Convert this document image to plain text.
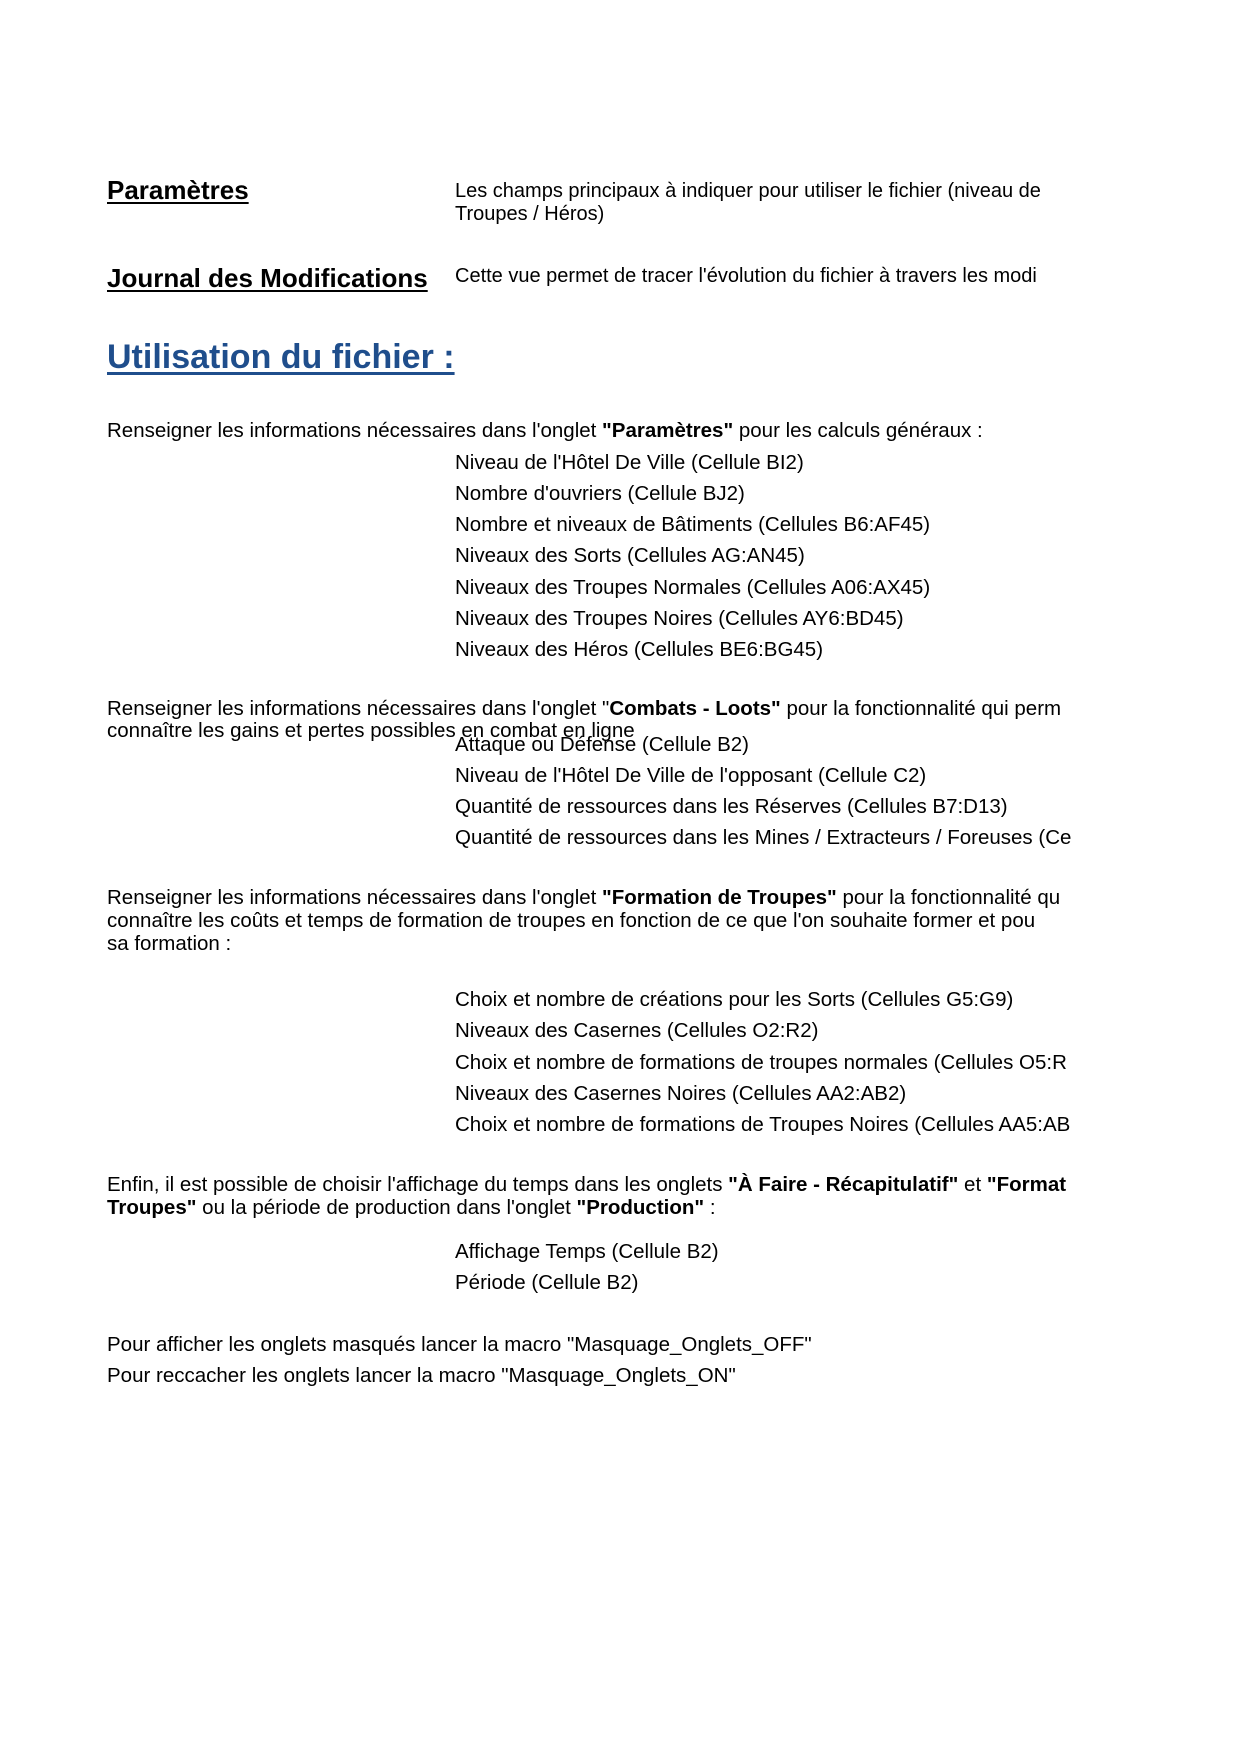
Paramètres	Les champs principaux à indiquer pour utiliser le fichier (niveau de
Troupes / Héros)
Journal des Modifications Cette vue permet de tracer l'évolution du fichier à travers les modi
Utilisation du fichier :
Renseigner les informations nécessaires dans l'onglet "Paramètres" pour les calculs généraux :
Niveau de l'Hôtel De Ville (Cellule BI2)
Nombre d'ouvriers (Cellule BJ2)
Nombre et niveaux de Bâtiments (Cellules B6:AF45)
Niveaux des Sorts (Cellules AG:AN45)
Niveaux des Troupes Normales (Cellules A06:AX45)
Niveaux des Troupes Noires (Cellules AY6:BD45)
Niveaux des Héros (Cellules BE6:BG45)
Renseigner les informations nécessaires dans l'onglet "Combats - Loots" pour la fonctionnalité qui perm
connaître les gains et pertes possibles en combat en ligne
Attaque ou Défense (Cellule B2)
Niveau de l'Hôtel De Ville de l'opposant (Cellule C2)
Quantité de ressources dans les Réserves (Cellules B7:D13)
Quantité de ressources dans les Mines / Extracteurs / Foreuses (Ce
Renseigner les informations nécessaires dans l'onglet "Formation de Troupes" pour la fonctionnalité qu
connaître les coûts et temps de formation de troupes en fonction de ce que l'on souhaite former et pou
sa formation :
Choix et nombre de créations pour les Sorts (Cellules G5:G9)
Niveaux des Casernes (Cellules O2:R2)
Choix et nombre de formations de troupes normales (Cellules O5:R
Niveaux des Casernes Noires (Cellules AA2:AB2)
Choix et nombre de formations de Troupes Noires (Cellules AA5:AB
Enfin, il est possible de choisir l'affichage du temps dans les onglets "À Faire - Récapitulatif" et "Format
Troupes" ou la période de production dans l'onglet "Production" :
Affichage Temps (Cellule B2)
Période (Cellule B2)
Pour afficher les onglets masqués lancer la macro "Masquage_Onglets_OFF"
Pour reccacher les onglets lancer la macro "Masquage_Onglets_ON"
